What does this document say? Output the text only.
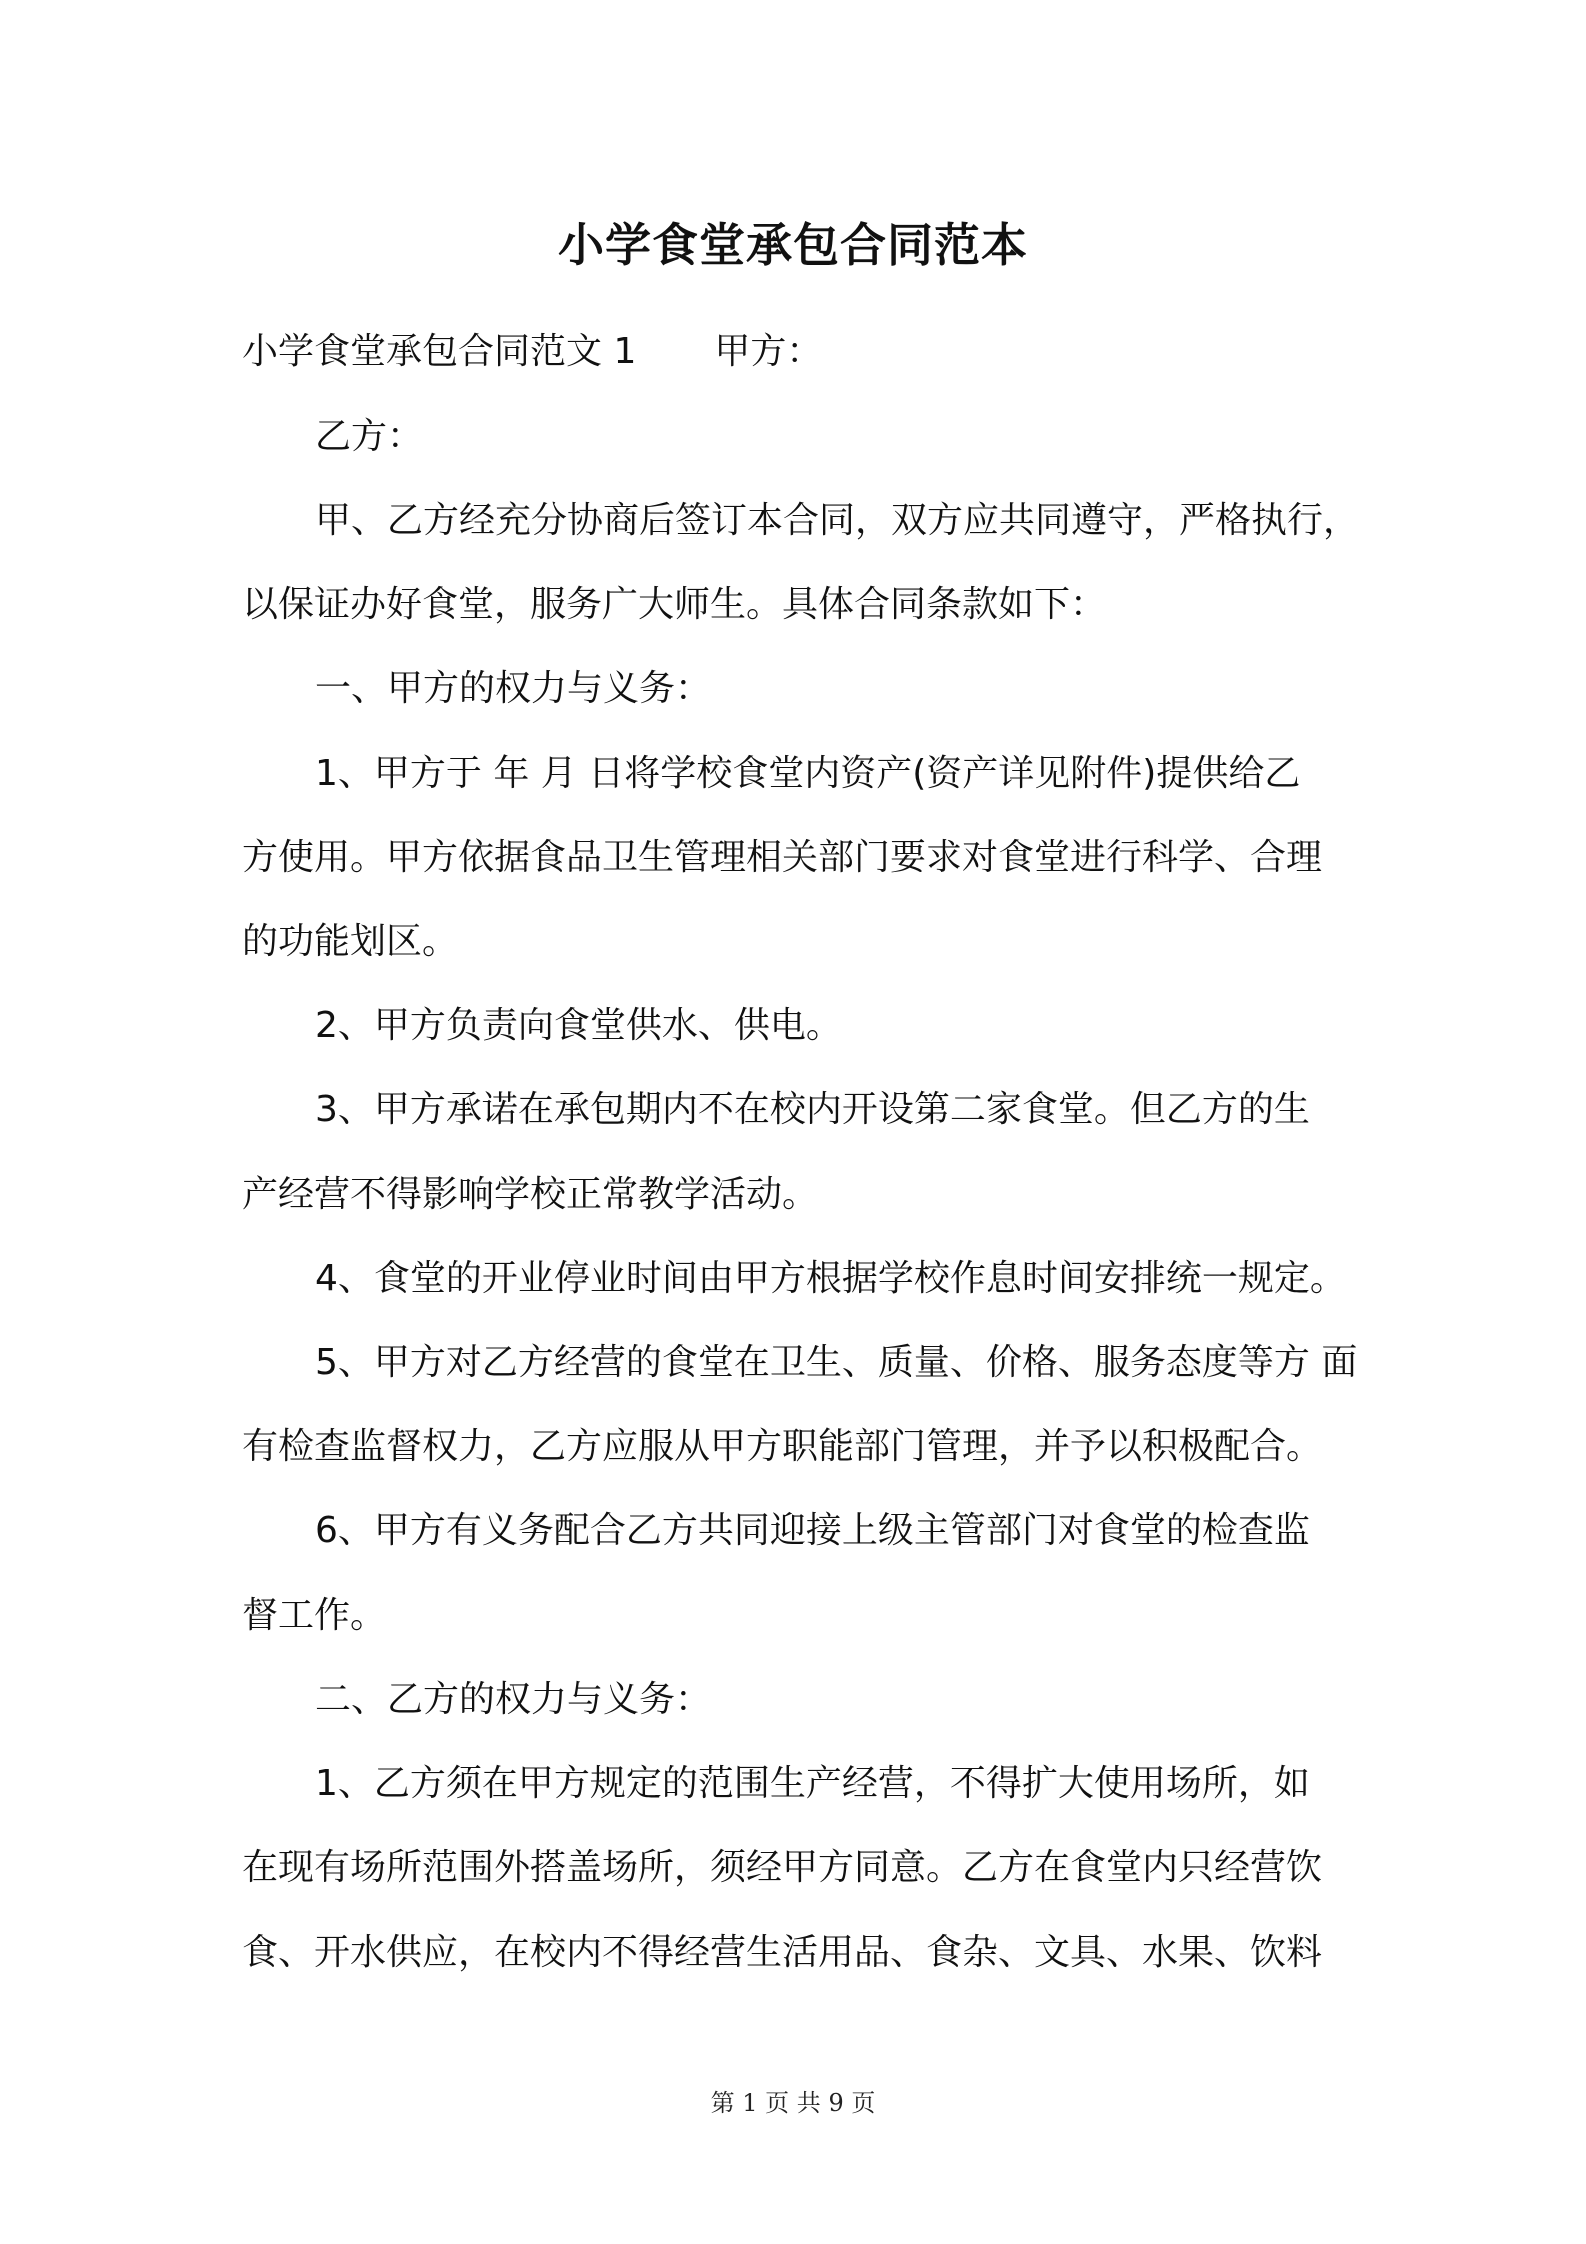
小学食堂承包合同范本
小学食堂承包合同范文 1 甲方：
乙方：
甲、乙方经充分协商后签订本合同，双方应共同遵守，严格执行，
以保证办好食堂，服务广大师生。具体合同条款如下：
一、甲方的权力与义务：
1、甲方于 年 月 日将学校食堂内资产(资产详见附件)提供给乙
方使用。甲方依据食品卫生管理相关部门要求对食堂进行科学、合理
的功能划区。
2、甲方负责向食堂供水、供电。
3、甲方承诺在承包期内不在校内开设第二家食堂。但乙方的生
产经营不得影响学校正常教学活动。
4、食堂的开业停业时间由甲方根据学校作息时间安排统一规定。
5、甲方对乙方经营的食堂在卫生、质量、价格、服务态度等方 面
有检查监督权力，乙方应服从甲方职能部门管理，并予以积极配合。
6、甲方有义务配合乙方共同迎接上级主管部门对食堂的检查监
督工作。
二、乙方的权力与义务：
1、乙方须在甲方规定的范围生产经营，不得扩大使用场所，如
在现有场所范围外搭盖场所，须经甲方同意。乙方在食堂内只经营饮
食、开水供应，在校内不得经营生活用品、食杂、文具、水果、饮料
第 1 页 共 9 页
